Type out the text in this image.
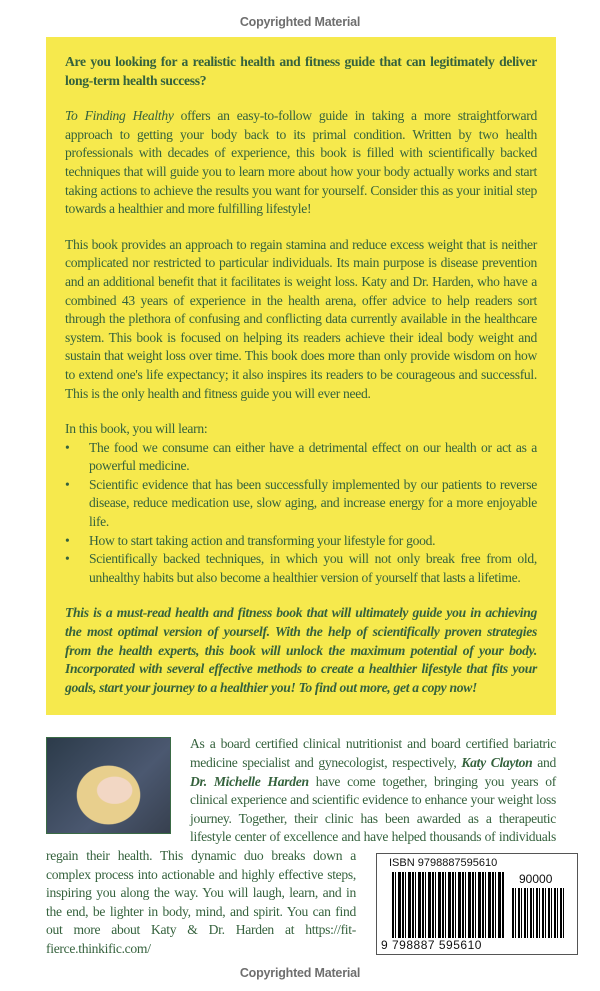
Copyrighted Material

Are you looking for a realistic health and fitness guide that can legitimately deliver long-term health success?

To Finding Healthy offers an easy-to-follow guide in taking a more straightforward approach to getting your body back to its primal condition. Written by two health professionals with decades of experience, this book is filled with scientifically backed techniques that will guide you to learn more about how your body actually works and start taking actions to achieve the results you want for yourself. Consider this as your initial step towards a healthier and more fulfilling lifestyle!

This book provides an approach to regain stamina and reduce excess weight that is neither complicated nor restricted to particular individuals. Its main purpose is disease prevention and an additional benefit that it facilitates is weight loss. Katy and Dr. Harden, who have a combined 43 years of experience in the health arena, offer advice to help readers sort through the plethora of confusing and conflicting data currently available in the healthcare system. This book is focused on helping its readers achieve their ideal body weight and sustain that weight loss over time. This book does more than only provide wisdom on how to extend one's life expectancy; it also inspires its readers to be courageous and successful. This is the only health and fitness guide you will ever need.

In this book, you will learn:
• The food we consume can either have a detrimental effect on our health or act as a powerful medicine.
• Scientific evidence that has been successfully implemented by our patients to reverse disease, reduce medication use, slow aging, and increase energy for a more enjoyable life.
• How to start taking action and transforming your lifestyle for good.
• Scientifically backed techniques, in which you will not only break free from old, unhealthy habits but also become a healthier version of yourself that lasts a lifetime.

This is a must-read health and fitness book that will ultimately guide you in achieving the most optimal version of yourself. With the help of scientifically proven strategies from the health experts, this book will unlock the maximum potential of your body. Incorporated with several effective methods to create a healthier lifestyle that fits your goals, start your journey to a healthier you! To find out more, get a copy now!

ISBN 9798887595610
90000
9 798887 595610
As a board certified clinical nutritionist and board certified bariatric medicine specialist and gynecologist, respectively, Katy Clayton and Dr. Michelle Harden have come together, bringing you years of clinical experience and scientific evidence to enhance your weight loss journey. Together, their clinic has been awarded as a therapeutic lifestyle center of excellence and have helped thousands of individuals regain their health. This dynamic duo breaks down a complex process into actionable and highly effective steps, inspiring you along the way. You will laugh, learn, and in the end, be lighter in body, mind, and spirit. You can find out more about Katy & Dr. Harden at https://fit-fierce.thinkific.com/
Copyrighted Material
